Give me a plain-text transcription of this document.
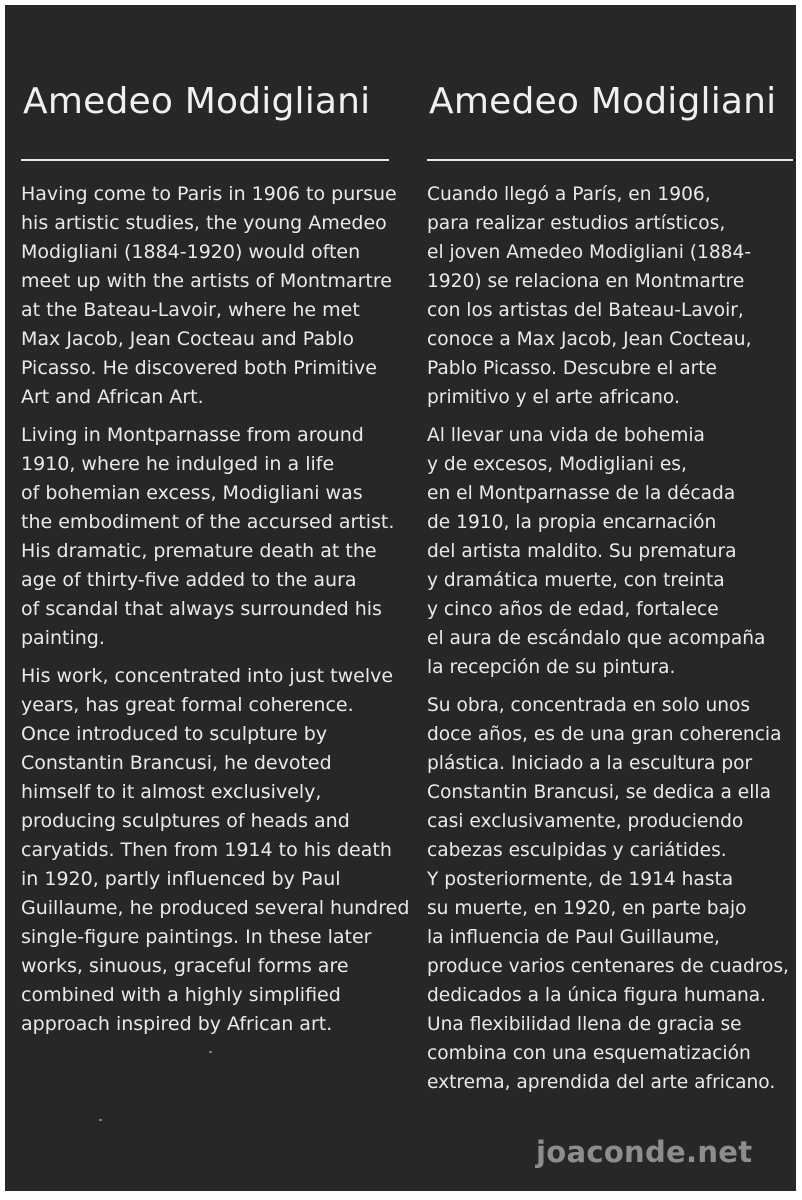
Amedeo Modigliani

Having come to Paris in 1906 to pursue
his artistic studies, the young Amedeo
Modigliani (1884-1920) would often
meet up with the artists of Montmartre
at the Bateau-Lavoir, where he met
Max Jacob, Jean Cocteau and Pablo
Picasso. He discovered both Primitive
Art and African Art.

Living in Montparnasse from around
1910, where he indulged in a life
of bohemian excess, Modigliani was
the embodiment of the accursed artist.
His dramatic, premature death at the
age of thirty-five added to the aura
of scandal that always surrounded his
painting.

His work, concentrated into just twelve
years, has great formal coherence.
Once introduced to sculpture by
Constantin Brancusi, he devoted
himself to it almost exclusively,
producing sculptures of heads and
caryatids. Then from 1914 to his death
in 1920, partly influenced by Paul
Guillaume, he produced several hundred
single-figure paintings. In these later
works, sinuous, graceful forms are
combined with a highly simplified
approach inspired by African art.

Amedeo Modigliani

Cuando llegó a París, en 1906,
para realizar estudios artísticos,
el joven Amedeo Modigliani (1884-
1920) se relaciona en Montmartre
con los artistas del Bateau-Lavoir,
conoce a Max Jacob, Jean Cocteau,
Pablo Picasso. Descubre el arte
primitivo y el arte africano.

Al llevar una vida de bohemia
y de excesos, Modigliani es,
en el Montparnasse de la década
de 1910, la propia encarnación
del artista maldito. Su prematura
y dramática muerte, con treinta
y cinco años de edad, fortalece
el aura de escándalo que acompaña
la recepción de su pintura.

Su obra, concentrada en solo unos
doce años, es de una gran coherencia
plástica. Iniciado a la escultura por
Constantin Brancusi, se dedica a ella
casi exclusivamente, produciendo
cabezas esculpidas y cariátides.
Y posteriormente, de 1914 hasta
su muerte, en 1920, en parte bajo
la influencia de Paul Guillaume,
produce varios centenares de cuadros,
dedicados a la única figura humana.
Una flexibilidad llena de gracia se
combina con una esquematización
extrema, aprendida del arte africano.

joaconde.net
